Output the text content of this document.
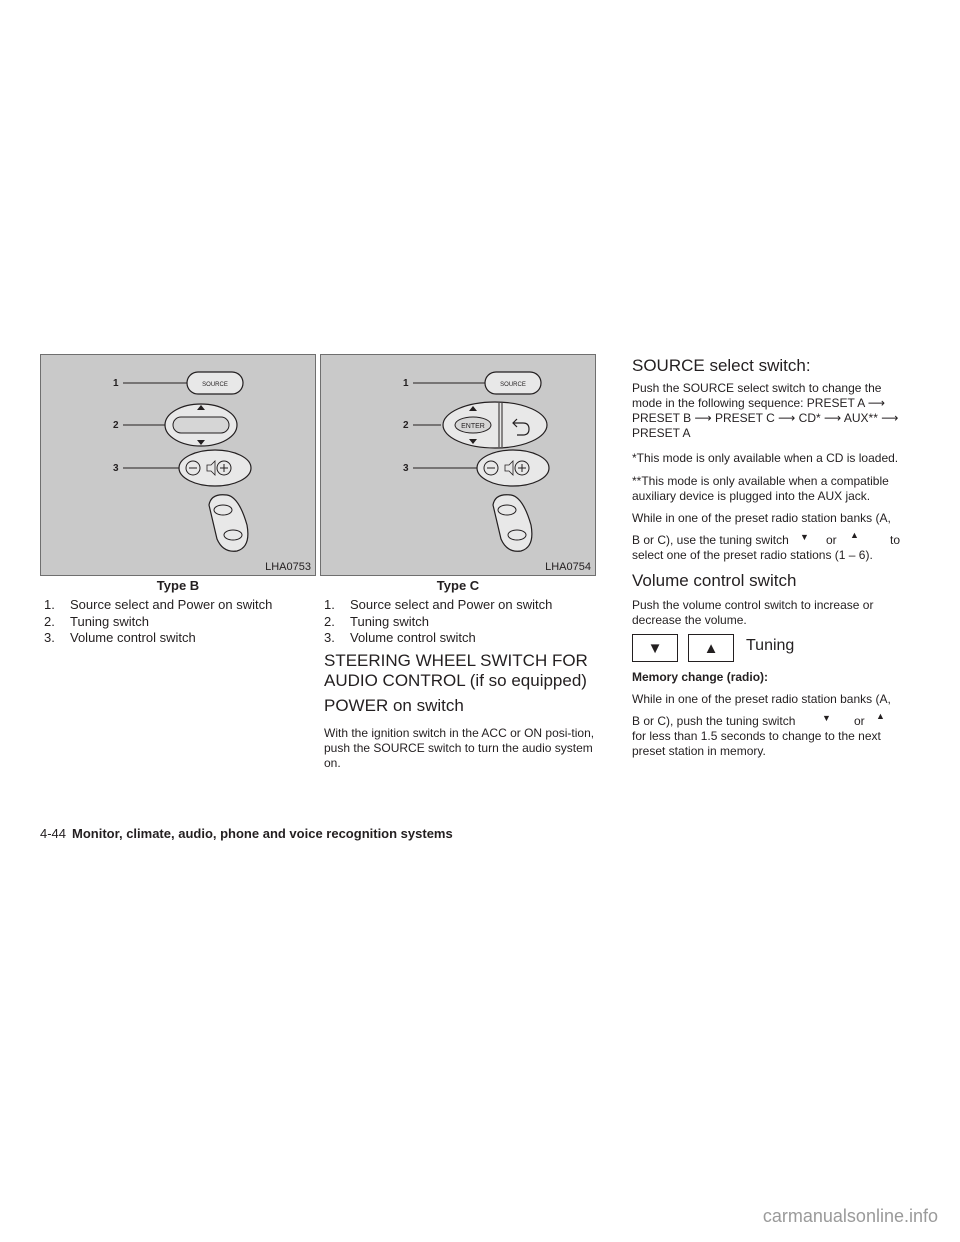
1	SOURCE
2
3
LHA0753
Type B
1	SOURCE
2	ENTER
3
LHA0754
Type C
1.	Source select and Power on switch
2.	Tuning switch
3.	Volume control switch
1.	Source select and Power on switch
2.	Tuning switch
3.	Volume control switch
STEERING WHEEL SWITCH FOR
AUDIO CONTROL (if so equipped)
POWER on switch

With the ignition switch in the ACC or ON posi-tion, push the SOURCE switch to turn the audio system on.

SOURCE select switch:

Push the SOURCE select switch to change the mode in the following sequence: PRESET A ⟶ PRESET B ⟶ PRESET C ⟶ CD* ⟶ AUX** ⟶ PRESET A

*This mode is only available when a CD is loaded.

**This mode is only available when a compatible auxiliary device is plugged into the AUX jack.

While in one of the preset radio station banks (A,

B or C), use the tuning switch ▼ or ▲	to

select one of the preset radio stations (1 – 6).

Volume control switch

Push the volume control switch to increase or decrease the volume.

▼	▲	Tuning

Memory change (radio):

While in one of the preset radio station banks (A,

B or C), push the tuning switch	▼ or ▲

for less than 1.5 seconds to change to the next preset station in memory.

4-44 Monitor, climate, audio, phone and voice recognition systems
carmanualsonline.info
